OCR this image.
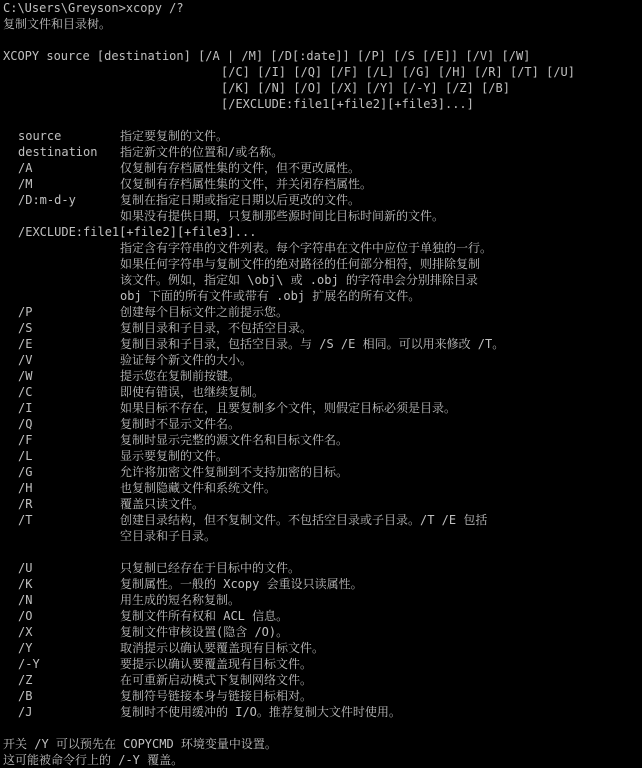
C:\Users\Greyson>xcopy /?
复制文件和目录树。
XCOPY source [destination] [/A | /M] [/D[:date]] [/P] [/S [/E]] [/V] [/W]
[/C] [/I] [/Q] [/F] [/L] [/G] [/H] [/R] [/T] [/U]
[/K] [/N] [/O] [/X] [/Y] [/-Y] [/Z] [/B]
[/EXCLUDE:file1[+file2][+file3]...]
source	指定要复制的文件。
destination	指定新文件的位置和/或名称。
/A	仅复制有存档属性集的文件，但不更改属性。
/M	仅复制有存档属性集的文件，并关闭存档属性。
/D:m-d-y	复制在指定日期或指定日期以后更改的文件。
如果没有提供日期，只复制那些源时间比目标时间新的文件。
/EXCLUDE:file1[+file2][+file3]...
指定含有字符串的文件列表。每个字符串在文件中应位于单独的一行。
如果任何字符串与复制文件的绝对路径的任何部分相符，则排除复制
该文件。例如，指定如 \obj\ 或 .obj 的字符串会分别排除目录
obj 下面的所有文件或带有 .obj 扩展名的所有文件。
/P	创建每个目标文件之前提示您。
/S	复制目录和子目录，不包括空目录。
/E	复制目录和子目录，包括空目录。与 /S /E 相同。可以用来修改 /T。
/V	验证每个新文件的大小。
/W	提示您在复制前按键。
/C	即使有错误，也继续复制。
/I	如果目标不存在，且要复制多个文件，则假定目标必须是目录。
/Q	复制时不显示文件名。
/F	复制时显示完整的源文件名和目标文件名。
/L	显示要复制的文件。
/G	允许将加密文件复制到不支持加密的目标。
/H	也复制隐藏文件和系统文件。
/R	覆盖只读文件。
/T	创建目录结构，但不复制文件。不包括空目录或子目录。/T /E 包括
空目录和子目录。
/U	只复制已经存在于目标中的文件。
/K	复制属性。一般的 Xcopy 会重设只读属性。
/N	用生成的短名称复制。
/O	复制文件所有权和 ACL 信息。
/X	复制文件审核设置(隐含 /O)。
/Y	取消提示以确认要覆盖现有目标文件。
/-Y	要提示以确认要覆盖现有目标文件。
/Z	在可重新启动模式下复制网络文件。
/B	复制符号链接本身与链接目标相对。
/J	复制时不使用缓冲的 I/O。推荐复制大文件时使用。
开关 /Y 可以预先在 COPYCMD 环境变量中设置。
这可能被命令行上的 /-Y 覆盖。
